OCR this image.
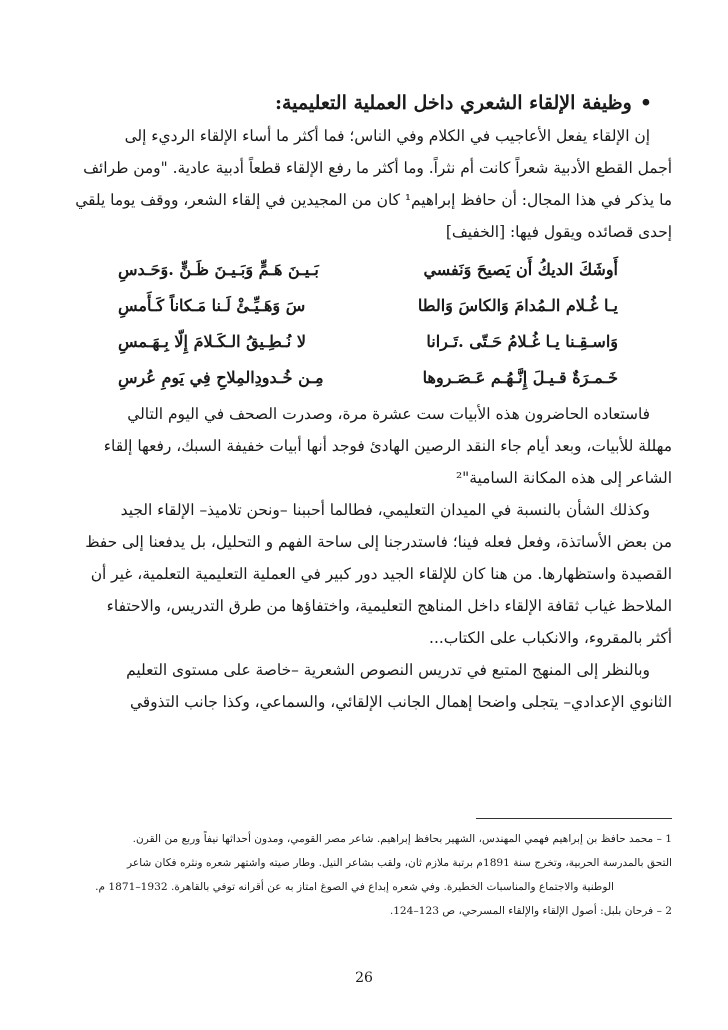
•وظيفة الإلقاء الشعري داخل العملية التعليمية:

إن الإلقاء يفعل الأعاجيب في الكلام وفي الناس؛ فما أكثر ما أساء الإلقاء الرديء إلى
أجمل القطع الأدبية شعراً كانت أم نثراً. وما أكثر ما رفع الإلقاء قطعاً أدبية عادية. "ومن طرائف
ما يذكر في هذا المجال: أن حافظ إبراهيم¹ كان من المجيدين في إلقاء الشعر، ووقف يوما يلقي
إحدى قصائده ويقول فيها: [الخفيف]

أَوشَكَ الديكُ أَن يَصيحَ وَنَفسي
بَـيـنَ هَـمٍّ وَبَـيـنَ ظَـنٍّ .وَحَـدسِ
يـا غُـلام الـمُدامَ وَالكاسَ وَالطا
سَ وَهَـيِّـئْ لَـنا مَـكاناً كَـأَمسِ
وَاسـقِـنا يـا غُـلامُ حَـتّى .تَـرانا
لا نُـطِـيقُ الـكَـلامَ إِلّا بِـهَـمسِ
خَـمـرَةٌ قـيـلَ إِنَّـهُـم عَـصَـروها
مِـن خُـدودِالمِلاحِ فِي يَومِ عُرسِ

فاستعاده الحاضرون هذه الأبيات ست عشرة مرة، وصدرت الصحف في اليوم التالي
مهللة للأبيات، وبعد أيام جاء النقد الرصين الهادئ فوجد أنها أبيات خفيفة السبك، رفعها إلقاء
الشاعر إلى هذه المكانة السامية"²

وكذلك الشأن بالنسبة في الميدان التعليمي، فطالما أحببنا –ونحن تلاميذ– الإلقاء الجيد
من بعض الأساتذة، وفعل فعله فينا؛ فاستدرجنا إلى ساحة الفهم و التحليل، بل يدفعنا إلى حفظ
القصيدة واستظهارها. من هنا كان للإلقاء الجيد دور كبير في العملية التعليمية التعلمية، غير أن
الملاحظ غياب ثقافة الإلقاء داخل المناهج التعليمية، واختفاؤها من طرق التدريس، والاحتفاء
أكثر بالمقروء، والانكباب على الكتاب...

وبالنظر إلى المنهج المتبع في تدريس النصوص الشعرية –خاصة على مستوى التعليم
الثانوي الإعدادي– يتجلى واضحا إهمال الجانب الإلقائي، والسماعي، وكذا جانب التذوقي

1 – محمد حافظ بن إبراهيم فهمي المهندس، الشهير بحافظ إبراهيم. شاعر مصر القومي، ومدون أحداثها نيفاً وربع من القرن.

التحق بالمدرسة الحربية، وتخرج سنة 1891م برتبة ملازم ثان، ولقب بشاعر النيل. وطار صيته واشتهر شعره ونثره فكان شاعر

الوطنية والاجتماع والمناسبات الخطيرة. وفي شعره إبداع في الصوغ امتاز به عن أقرانه توفي بالقاهرة. 1932–1871 م.

2 – فرحان بلبل: أصول الإلقاء والإلقاء المسرحي، ص 123–124.

26
